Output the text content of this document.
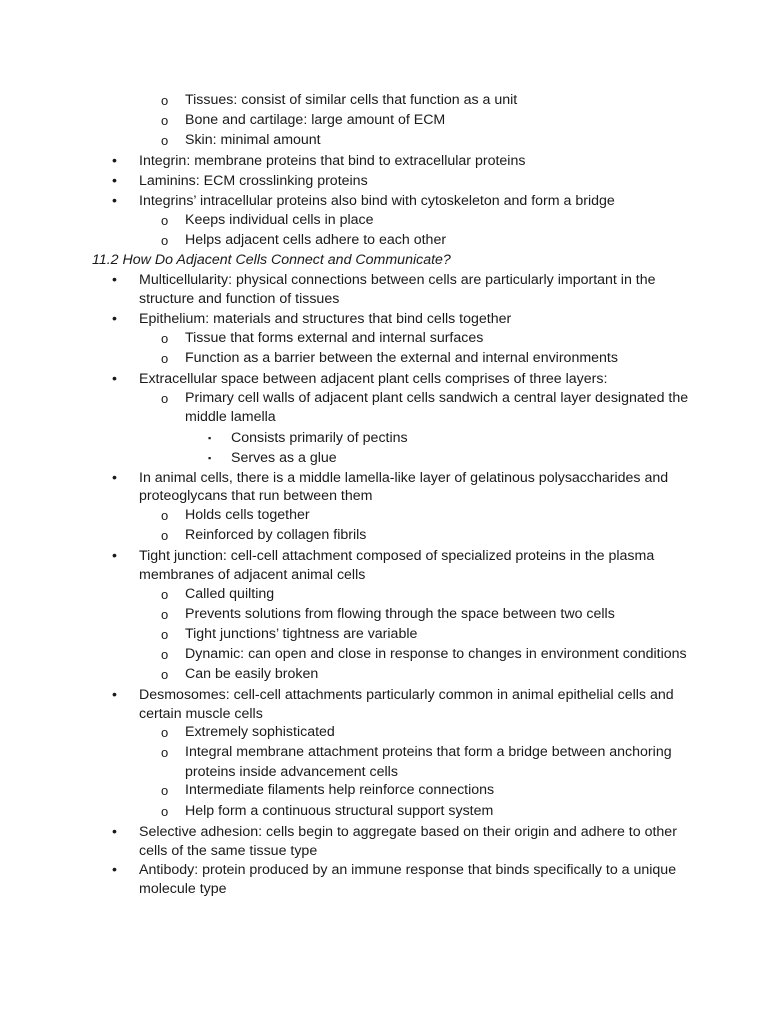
o Tissues: consist of similar cells that function as a unit
o Bone and cartilage: large amount of ECM
o Skin: minimal amount
• Integrin: membrane proteins that bind to extracellular proteins
• Laminins: ECM crosslinking proteins
• Integrins’ intracellular proteins also bind with cytoskeleton and form a bridge
o Keeps individual cells in place
o Helps adjacent cells adhere to each other
11.2 How Do Adjacent Cells Connect and Communicate?
• Multicellularity: physical connections between cells are particularly important in the
structure and function of tissues
• Epithelium: materials and structures that bind cells together
o Tissue that forms external and internal surfaces
o Function as a barrier between the external and internal environments
• Extracellular space between adjacent plant cells comprises of three layers:
o Primary cell walls of adjacent plant cells sandwich a central layer designated the
middle lamella
▪ Consists primarily of pectins
▪ Serves as a glue
• In animal cells, there is a middle lamella-like layer of gelatinous polysaccharides and
proteoglycans that run between them
o Holds cells together
o Reinforced by collagen fibrils
• Tight junction: cell-cell attachment composed of specialized proteins in the plasma
membranes of adjacent animal cells
o Called quilting
o Prevents solutions from flowing through the space between two cells
o Tight junctions’ tightness are variable
o Dynamic: can open and close in response to changes in environment conditions
o Can be easily broken
• Desmosomes: cell-cell attachments particularly common in animal epithelial cells and
certain muscle cells
o Extremely sophisticated
o Integral membrane attachment proteins that form a bridge between anchoring
proteins inside advancement cells
o Intermediate filaments help reinforce connections
o Help form a continuous structural support system
• Selective adhesion: cells begin to aggregate based on their origin and adhere to other
cells of the same tissue type
• Antibody: protein produced by an immune response that binds specifically to a unique
molecule type
